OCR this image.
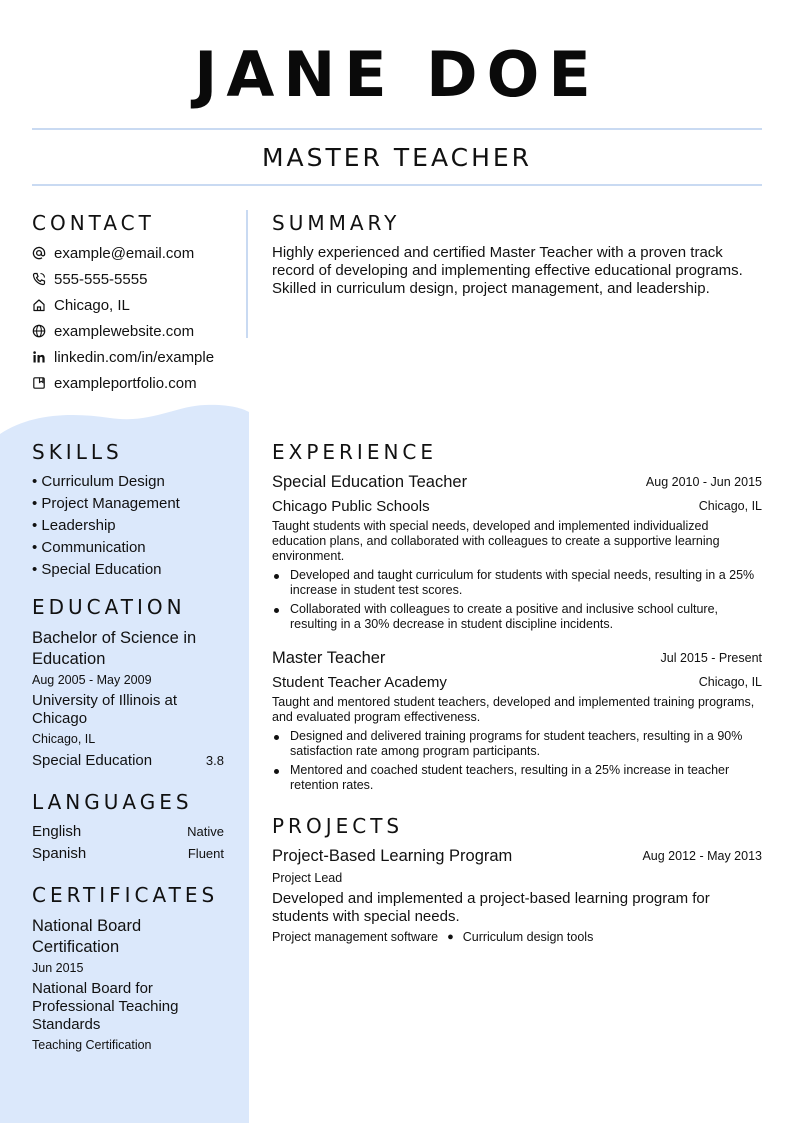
JANE DOE
MASTER TEACHER
CONTACT
example@email.com
555-555-5555
Chicago, IL
examplewebsite.com
linkedin.com/in/example
exampleportfolio.com
SUMMARY
Highly experienced and certified Master Teacher with a proven track record of developing and implementing effective educational programs. Skilled in curriculum design, project management, and leadership.
SKILLS
• Curriculum Design
• Project Management
• Leadership
• Communication
• Special Education
EDUCATION
Bachelor of Science in Education
Aug 2005 - May 2009
University of Illinois at Chicago
Chicago, IL
Special Education	3.8
LANGUAGES
English	Native
Spanish	Fluent
CERTIFICATES
National Board Certification
Jun 2015
National Board for Professional Teaching Standards
Teaching Certification
EXPERIENCE
Special Education Teacher	Aug 2010 - Jun 2015
Chicago Public Schools	Chicago, IL
Taught students with special needs, developed and implemented individualized education plans, and collaborated with colleagues to create a supportive learning environment.
Developed and taught curriculum for students with special needs, resulting in a 25% increase in student test scores.
Collaborated with colleagues to create a positive and inclusive school culture, resulting in a 30% decrease in student discipline incidents.
Master Teacher	Jul 2015 - Present
Student Teacher Academy	Chicago, IL
Taught and mentored student teachers, developed and implemented training programs, and evaluated program effectiveness.
Designed and delivered training programs for student teachers, resulting in a 90% satisfaction rate among program participants.
Mentored and coached student teachers, resulting in a 25% increase in teacher retention rates.
PROJECTS
Project-Based Learning Program	Aug 2012 - May 2013
Project Lead
Developed and implemented a project-based learning program for students with special needs.
Project management software ● Curriculum design tools
